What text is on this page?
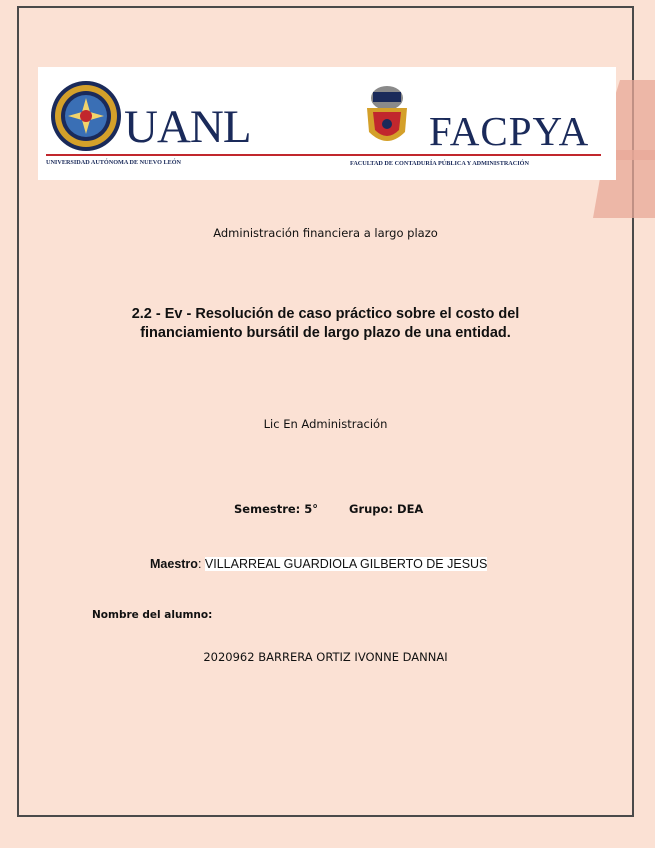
UANL
UNIVERSIDAD AUTÓNOMA DE NUEVO LEÓN
FACPYA
FACULTAD DE CONTADURÍA PÚBLICA Y ADMINISTRACIÓN
Administración financiera a largo plazo
2.2 - Ev - Resolución de caso práctico sobre el costo del
financiamiento bursátil de largo plazo de una entidad.
Lic En Administración
Semestre: 5°	Grupo: DEA
Maestro: VILLARREAL GUARDIOLA GILBERTO DE JESUS
Nombre del alumno:
2020962 BARRERA ORTIZ IVONNE DANNAI
